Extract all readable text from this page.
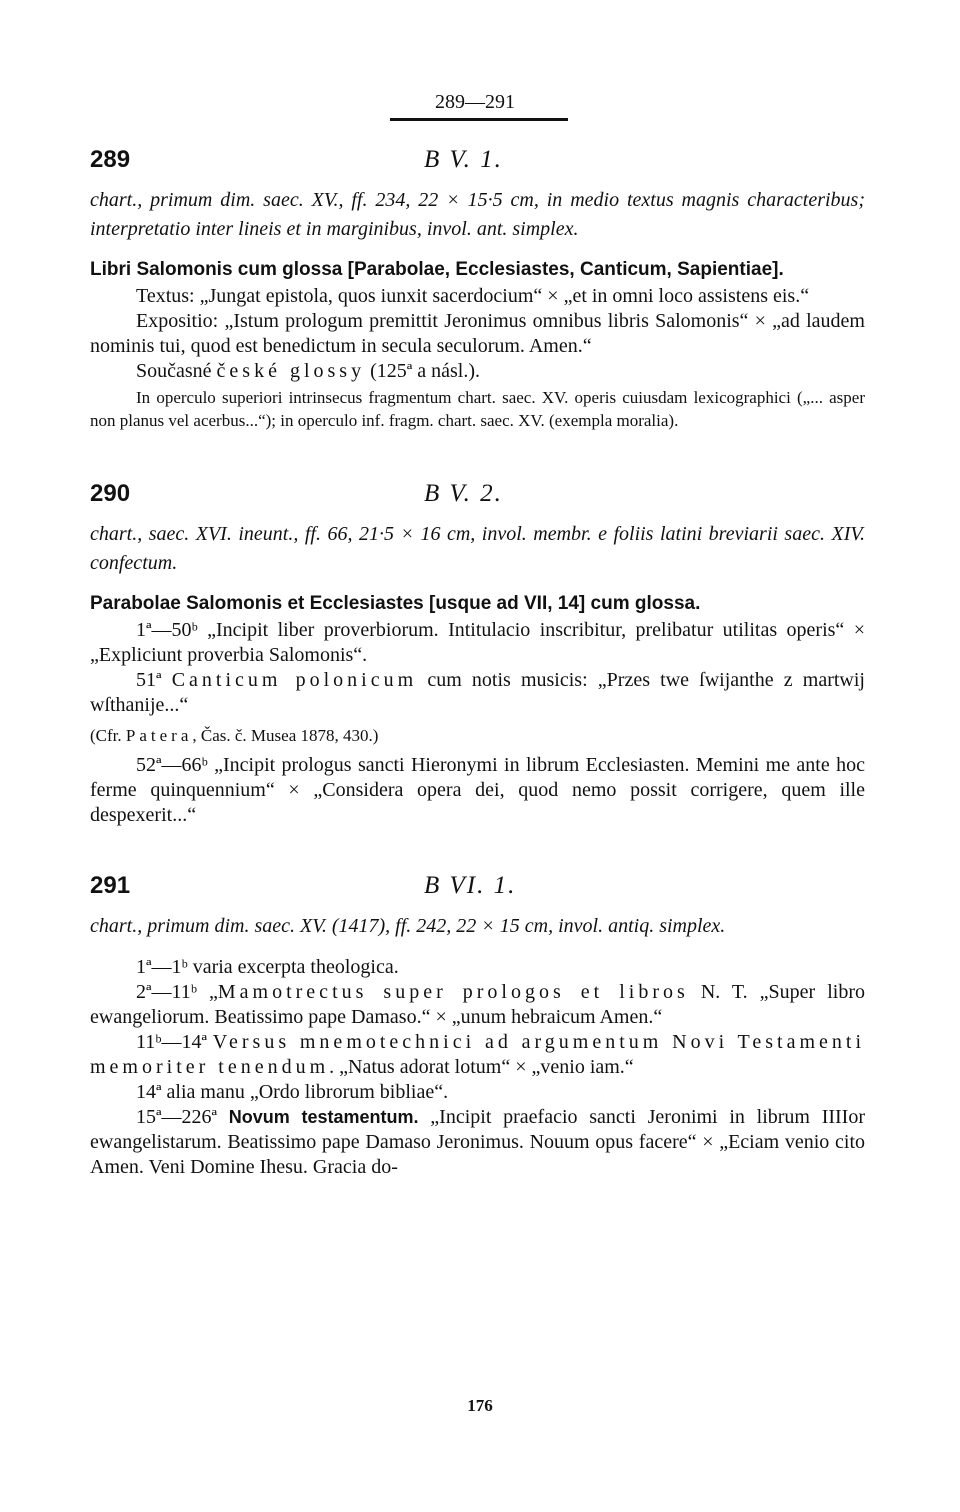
289—291
289	B V. 1.

chart., primum dim. saec. XV., ff. 234, 22 × 15·5 cm, in medio textus magnis characteribus; interpretatio inter lineis et in marginibus, invol. ant. simplex.

Libri Salomonis cum glossa [Parabolae, Ecclesiastes, Canticum, Sapientiae].

Textus: „Jungat epistola, quos iunxit sacerdocium“ × „et in omni loco assistens eis.“

Expositio: „Istum prologum premittit Jeronimus omnibus libris Salomonis“ × „ad laudem nominis tui, quod est benedictum in secula seculorum. Amen.“

Současné české glossy (125ª a násl.).

In operculo superiori intrinsecus fragmentum chart. saec. XV. operis cuiusdam lexicographici („... asper non planus vel acerbus...“); in operculo inf. fragm. chart. saec. XV. (exempla moralia).

290	B V. 2.

chart., saec. XVI. ineunt., ff. 66, 21·5 × 16 cm, invol. membr. e foliis latini breviarii saec. XIV. confectum.

Parabolae Salomonis et Ecclesiastes [usque ad VII, 14] cum glossa.

1ª—50ᵇ „Incipit liber proverbiorum. Intitulacio inscribitur, prelibatur utilitas operis“ × „Expliciunt proverbia Salomonis“.

51ª Canticum polonicum cum notis musicis: „Przes twe ſwijanthe z martwij wſthanije...“

(Cfr. Patera, Čas. č. Musea 1878, 430.)

52ª—66ᵇ „Incipit prologus sancti Hieronymi in librum Ecclesiasten. Memini me ante hoc ferme quinquennium“ × „Considera opera dei, quod nemo possit corrigere, quem ille despexerit...“

291	B VI. 1.

chart., primum dim. saec. XV. (1417), ff. 242, 22 × 15 cm, invol. antiq. simplex.

1ª—1ᵇ varia excerpta theologica.

2ª—11ᵇ „Mamotrectus super prologos et libros N. T. „Super libro ewangeliorum. Beatissimo pape Damaso.“ × „unum hebraicum Amen.“

11ᵇ—14ª Versus mnemotechnici ad argumentum Novi Testamenti memoriter tenendum. „Natus adorat lotum“ × „venio iam.“

14ª alia manu „Ordo librorum bibliae“.

15ª—226ª Novum testamentum. „Incipit praefacio sancti Jeronimi in librum IIIIor ewangelistarum. Beatissimo pape Damaso Jeronimus. Nouum opus facere“ × „Eciam venio cito Amen. Veni Domine Ihesu. Gracia do-

176
